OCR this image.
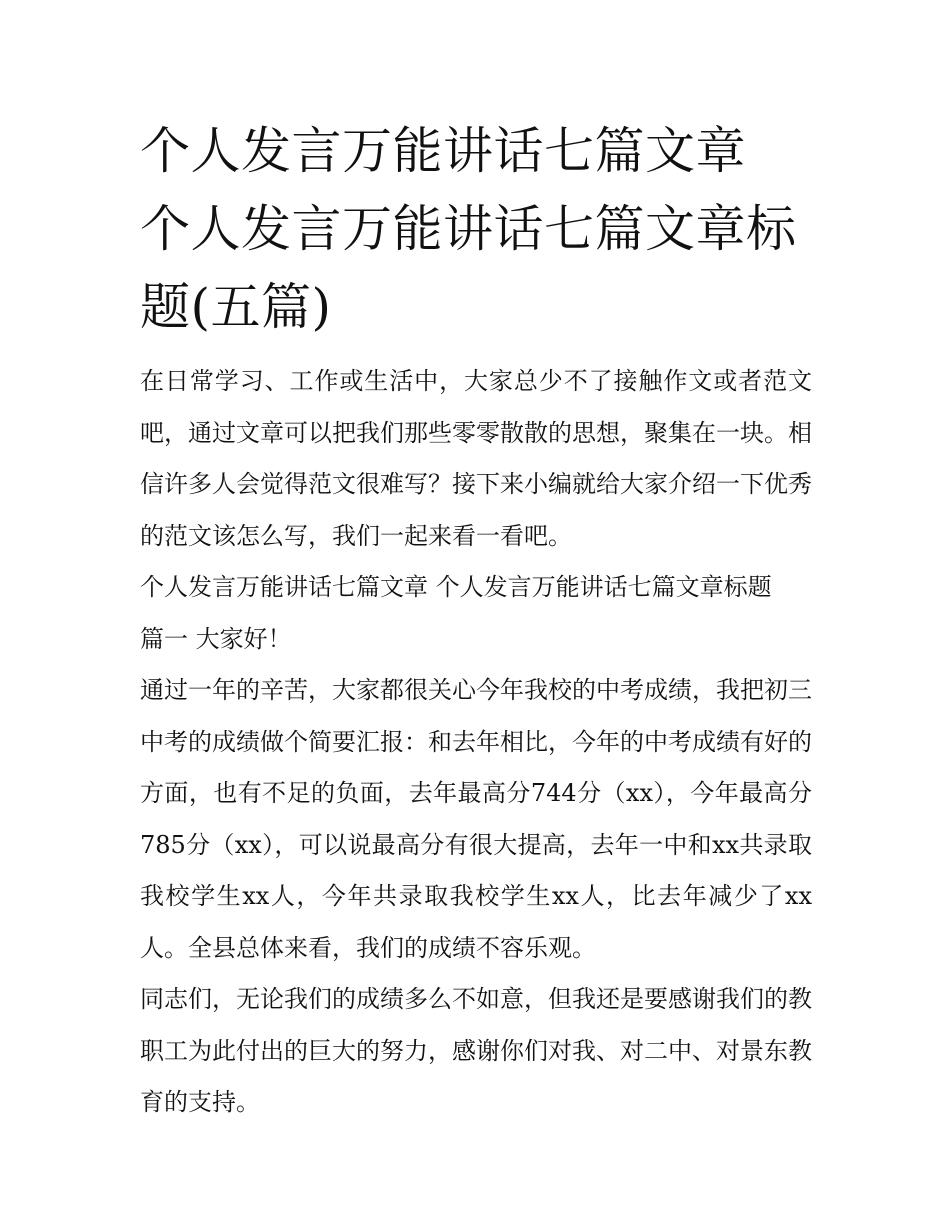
个人发言万能讲话七篇文章 个人发言万能讲话七篇文章标题(五篇)

在日常学习、工作或生活中，大家总少不了接触作文或者范文吧，通过文章可以把我们那些零零散散的思想，聚集在一块。相信许多人会觉得范文很难写？接下来小编就给大家介绍一下优秀的范文该怎么写，我们一起来看一看吧。

个人发言万能讲话七篇文章 个人发言万能讲话七篇文章标题

篇一 大家好！

通过一年的辛苦，大家都很关心今年我校的中考成绩，我把初三中考的成绩做个简要汇报：和去年相比，今年的中考成绩有好的方面，也有不足的负面，去年最高分744分（xx），今年最高分785分（xx），可以说最高分有很大提高，去年一中和xx共录取我校学生xx人，今年共录取我校学生xx人，比去年减少了xx人。全县总体来看，我们的成绩不容乐观。

同志们，无论我们的成绩多么不如意，但我还是要感谢我们的教职工为此付出的巨大的努力，感谢你们对我、对二中、对景东教育的支持。
